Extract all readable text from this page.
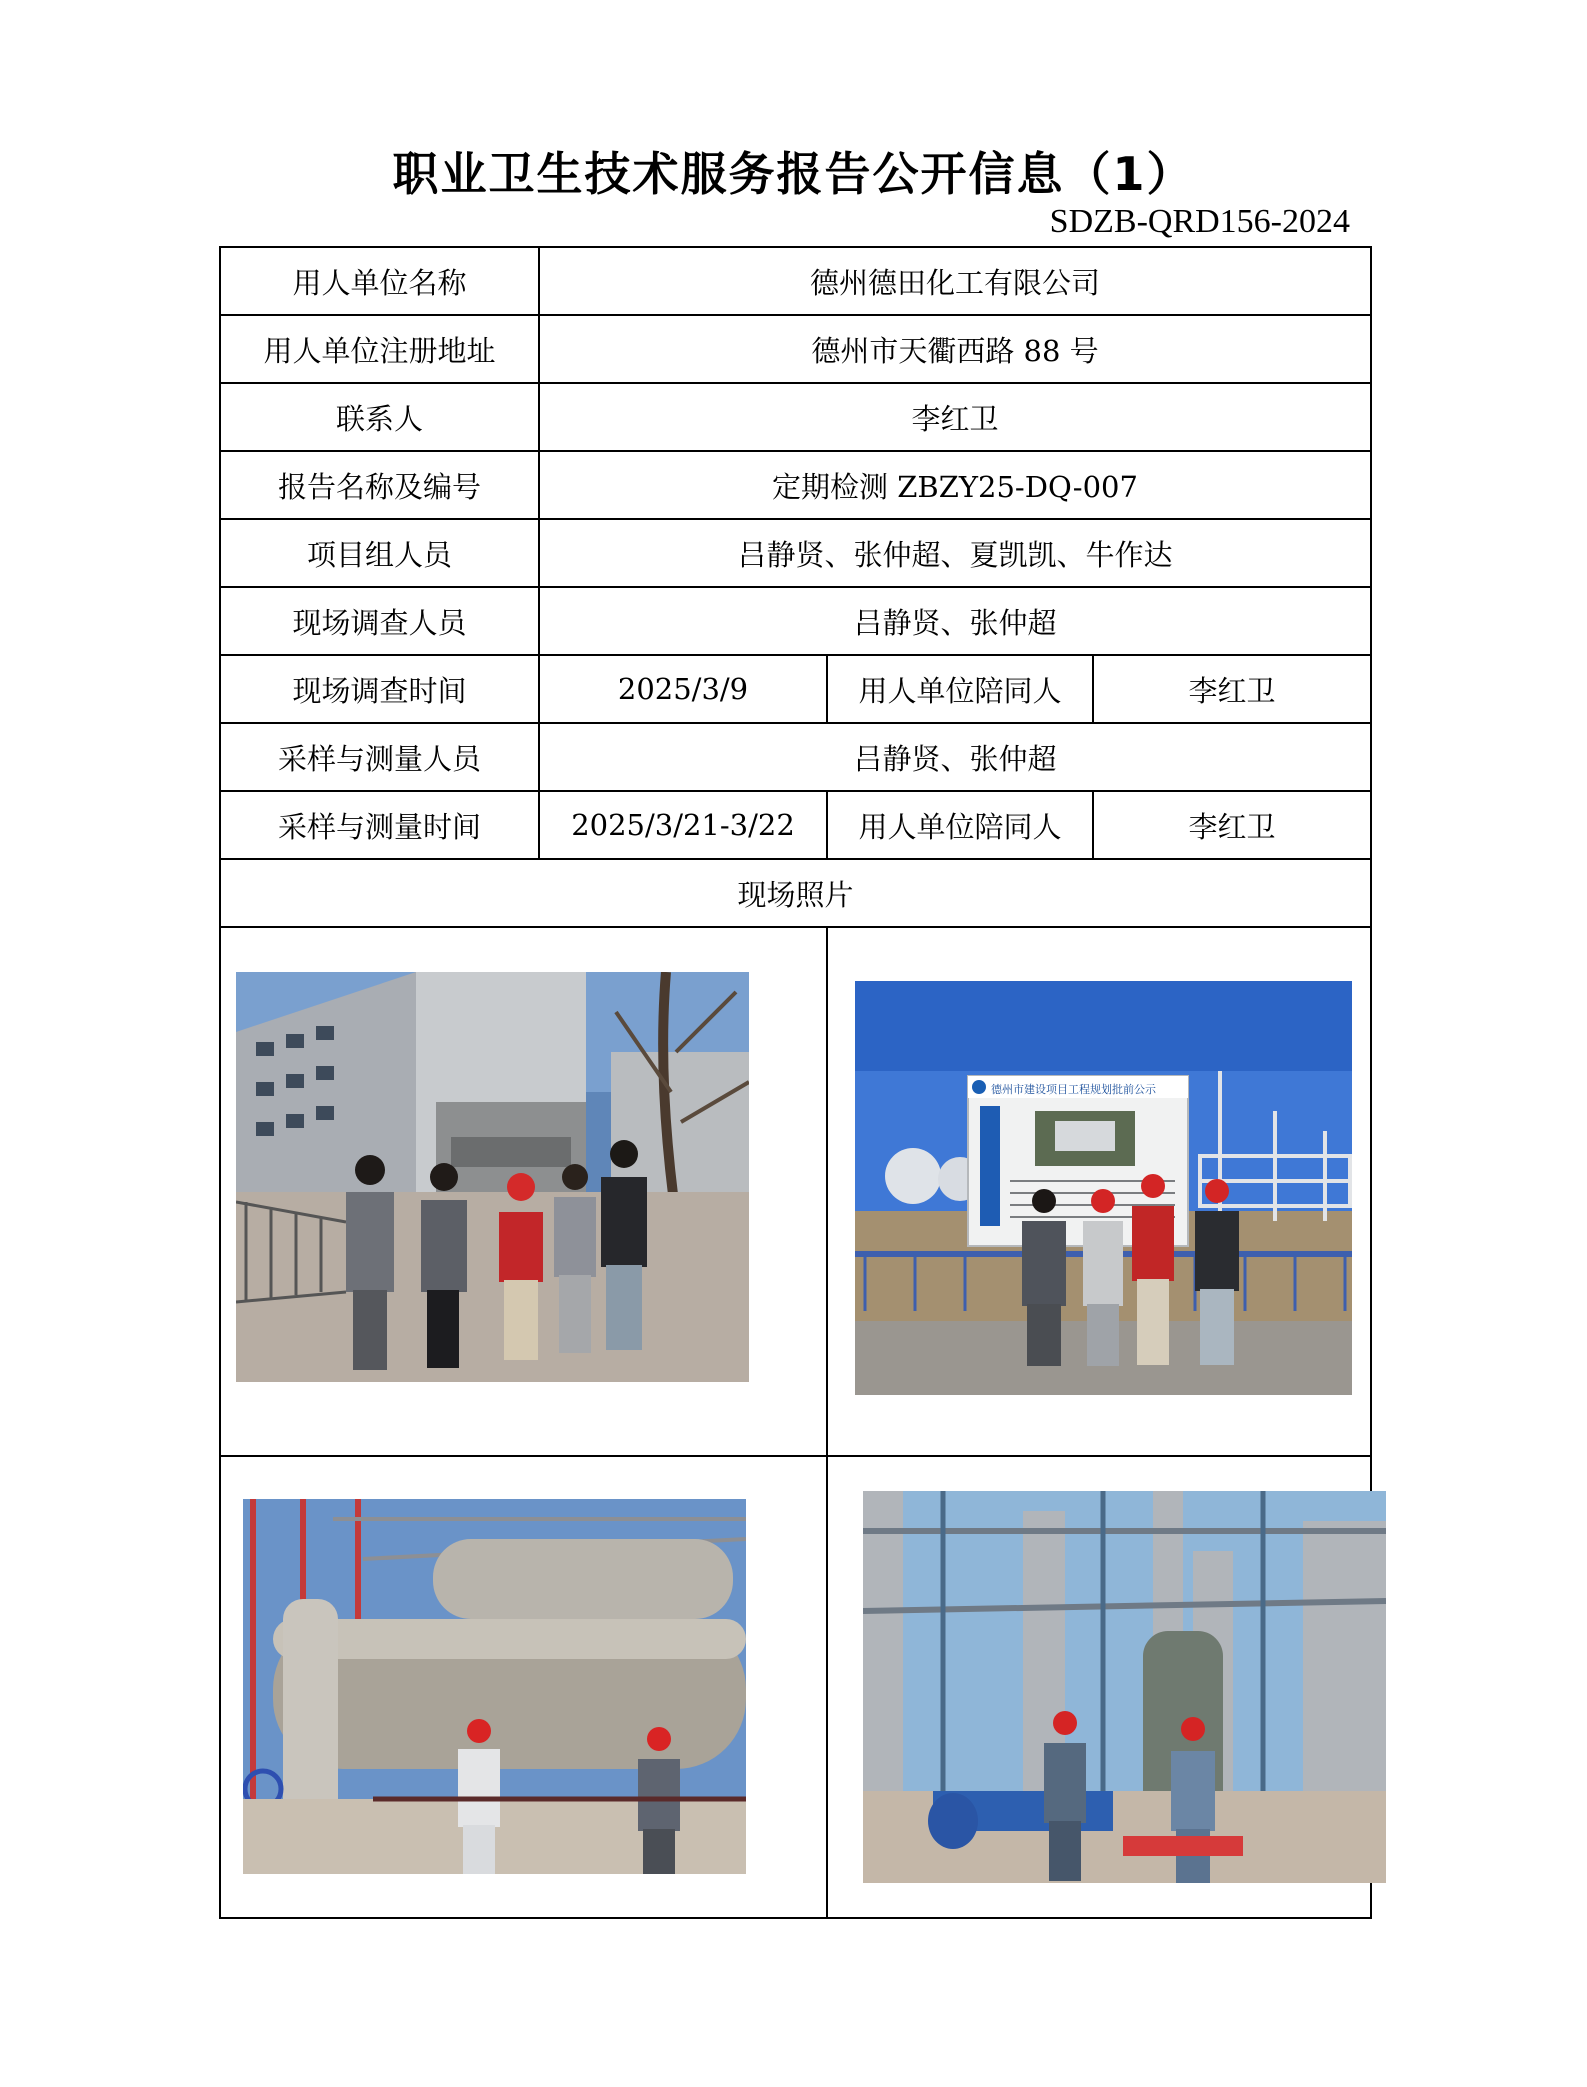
职业卫生技术服务报告公开信息（1）
SDZB-QRD156-2024
用人单位名称	德州德田化工有限公司		
用人单位注册地址	德州市天衢西路 88 号		
联系人	李红卫		
报告名称及编号	定期检测 ZBZY25-DQ-007		
项目组人员	吕静贤、张仲超、夏凯凯、牛作达		
现场调查人员	吕静贤、张仲超		
现场调查时间	2025/3/9	用人单位陪同人	李红卫
采样与测量人员	吕静贤、张仲超		
采样与测量时间	2025/3/21-3/22	用人单位陪同人	李红卫
现场照片			

德州市建设项目工程规划批前公示	
